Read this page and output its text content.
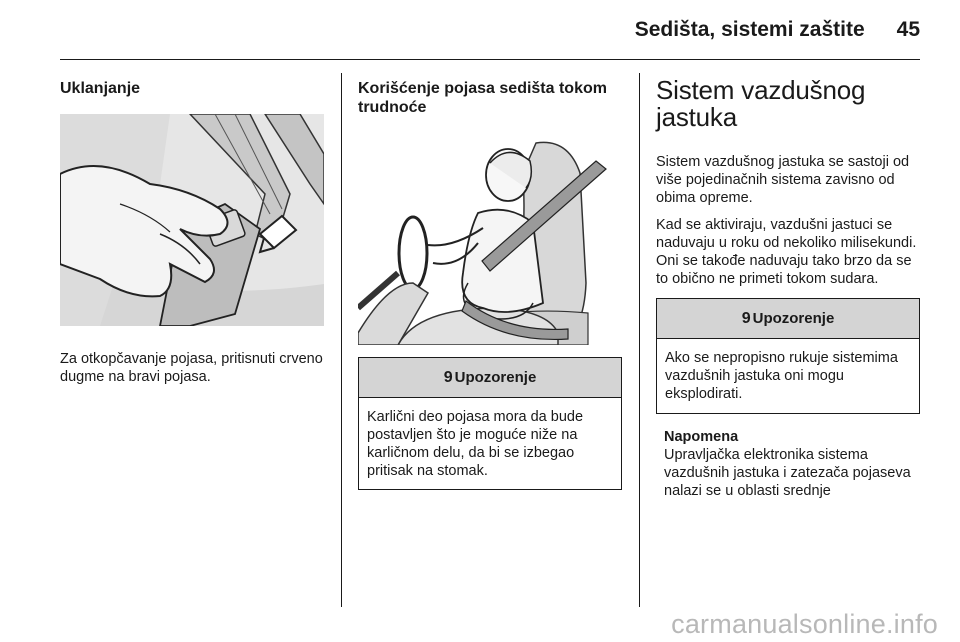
Sedišta, sistemi zaštite 45
Uklanjanje
Za otkopčavanje pojasa, pritisnuti crveno dugme na bravi pojasa.
Korišćenje pojasa sedišta tokom trudnoće
9 Upozorenje
Karlični deo pojasa mora da bude postavljen što je moguće niže na karličnom delu, da bi se izbegao pritisak na stomak.
Sistem vazdušnog jastuka
Sistem vazdušnog jastuka se sastoji od više pojedinačnih sistema zavisno od obima opreme.
Kad se aktiviraju, vazdušni jastuci se naduvaju u roku od nekoliko milisekundi. Oni se takođe naduvaju tako brzo da se to obično ne primeti tokom sudara.
9 Upozorenje
Ako se nepropisno rukuje sistemima vazdušnih jastuka oni mogu eksplodirati.
Napomena
Upravljačka elektronika sistema vazdušnih jastuka i zatezača pojaseva nalazi se u oblasti srednje
carmanualsonline.info
